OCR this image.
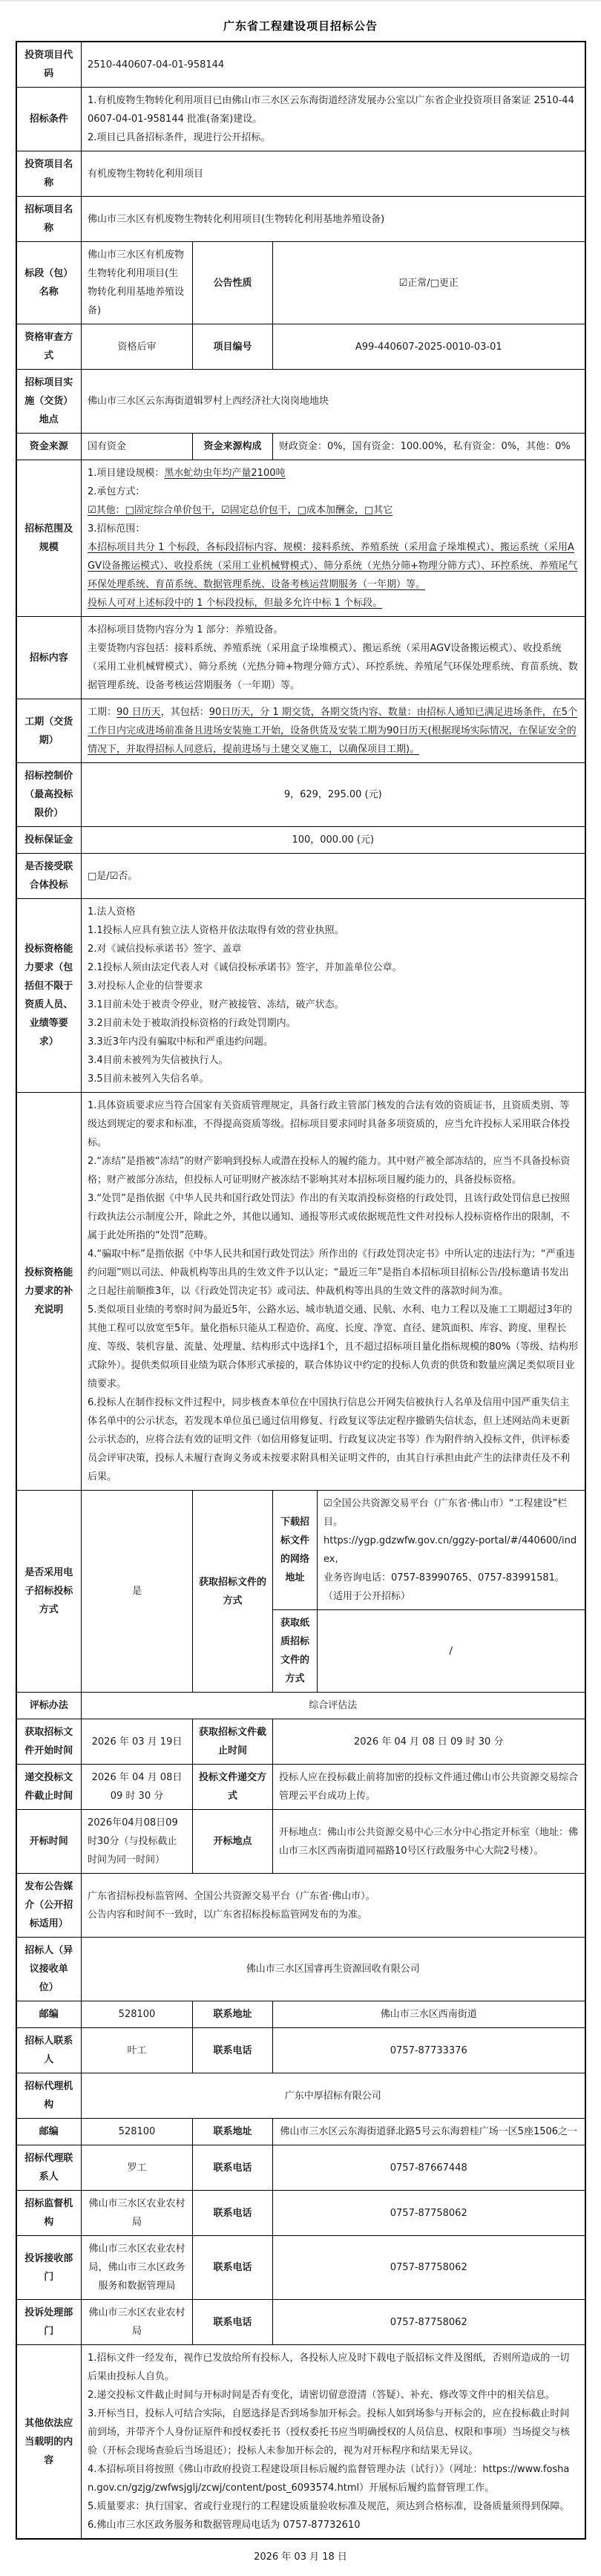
广东省工程建设项目招标公告
投资项目代码	2510-440607-04-01-958144			

招标条件	1.有机废物生物转化利用项目已由佛山市三水区云东海街道经济发展办公室以广东省企业投资项目备案证 2510-440607-04-01-958144 批准(备案)建设。
2.项目已具备招标条件，现进行公开招标。			

投资项目名称	有机废物生物转化利用项目			

招标项目名称	佛山市三水区有机废物生物转化利用项目(生物转化利用基地养殖设备)			

标段（包）名称	佛山市三水区有机废物生物转化利用项目(生物转化利用基地养殖设备)	公告性质	☑正常/□更正	

资格审查方式	资格后审	项目编号	A99-440607-2025-0010-03-01	

招标项目实施（交货）地点	佛山市三水区云东海街道辑罗村上西经济社大岗岗地地块			

资金来源	国有资金	资金来源构成	财政资金：0%，国有资金：100.00%，私有资金：0%，其他：0%	

招标范围及规模

1.项目建设规模：黑水虻幼虫年均产量2100吨
2.承包方式：
☑其他：□固定综合单价包干，☑固定总价包干，□成本加酬金，□其它
3.招标范围：
本招标项目共分 1 个标段，各标段招标内容、规模：接料系统、养殖系统（采用盒子垛堆模式）、搬运系统（采用AGV设备搬运模式）、收投系统（采用工业机械臂模式）、筛分系统（光热分筛+物理分筛方式）、环控系统、养殖尾气环保处理系统、育苗系统、数据管理系统、设备考核运营期服务（一年期）等。
投标人可对上述标段中的 1 个标段投标，但最多允许中标 1 个标段。

招标内容	本招标项目货物内容分为 1 部分：养殖设备。
主要货物内容包括：接料系统、养殖系统（采用盒子垛堆模式）、搬运系统（采用AGV设备搬运模式）、收投系统（采用工业机械臂模式）、筛分系统（光热分筛+物理分筛方式）、环控系统、养殖尾气环保处理系统、育苗系统、数据管理系统、设备考核运营期服务（一年期）等。			

工期（交货期）	工期：90 日历天，其包括：90日历天，分 1 期交货，各期交货内容、数量：由招标人通知已满足进场条件，在5个工作日内完成进场前准备且进场安装施工开始，设备供货及安装工期为90日历天(根据现场实际情况，在保证安全的情况下，并取得招标人同意后，提前进场与土建交叉施工，以确保项目工期)。			

招标控制价（最高投标限价）	9，629，295.00 (元)			

投标保证金	100，000.00 (元)			

是否接受联合体投标	□是/☑否。			

投标资格能力要求（包括但不限于资质人员、业绩等要求）

1.法人资格
1.1投标人应具有独立法人资格并依法取得有效的营业执照。
2.对《诚信投标承诺书》签字、盖章
2.1投标人须由法定代表人对《诚信投标承诺书》签字，并加盖单位公章。
3.对投标人企业的信誉要求
3.1目前未处于被责令停业，财产被接管、冻结，破产状态。
3.2目前未处于被取消投标资格的行政处罚期内。
3.3近3年内没有骗取中标和严重违约问题。
3.4目前未被列为失信被执行人。
3.5目前未被列入失信名单。

投标资格能力要求的补充说明

1.具体资质要求应当符合国家有关资质管理规定，具备行政主管部门核发的合法有效的资质证书，且资质类别、等级达到规定的要求和标准，不得提高资质等级。招标项目要求同时具备多项资质的，应当允许投标人采用联合体投标。
2.“冻结”是指被“冻结”的财产影响到投标人或潜在投标人的履约能力。其中财产被全部冻结的，应当不具备投标资格；财产被部分冻结，但投标人可证明财产被冻结不影响其对本招标项目履约能力的，具备投标资格。
3.“处罚”是指依据《中华人民共和国行政处罚法》作出的有关取消投标资格的行政处罚，且该行政处罚信息已按照行政执法公示制度公开，除此之外，其他以通知、通报等形式或依据规范性文件对投标人投标资格作出的限制，不属于此处所指的“处罚”范畴。
4.“骗取中标”是指依据《中华人民共和国行政处罚法》所作出的《行政处罚决定书》中所认定的违法行为；“严重违约问题”则以司法、仲裁机构等出具的生效文件予以认定；“最近三年”是指自本招标项目招标公告/投标邀请书发出之日起往前顺推3年，以《行政处罚决定书》或司法、仲裁机构等出具的生效文件的落款时间为准。
5.类似项目业绩的考察时间为最近5年，公路水运、城市轨道交通、民航、水利、电力工程以及施工工期超过3年的其他工程可以放宽至5年。量化指标只能从工程造价、高度、长度、净宽、直径、建筑面积、库容、跨度、里程长度、等级、装机容量、流量、处理量、结构形式中选择1个，且不超过招标项目量化指标规模的80%（等级、结构形式除外）。提供类似项目业绩为联合体形式承接的，联合体协议中约定的投标人负责的供货和数量应满足类似项目业绩要求。
6.投标人在制作投标文件过程中，同步核查本单位在中国执行信息公开网失信被执行人名单及信用中国严重失信主体名单中的公示状态，若发现本单位虽已通过信用修复、行政复议等法定程序撤销失信状态，但上述网站尚未更新公示状态的，应将合法有效的证明文件（如信用修复证明、行政复议决定书等）作为附件纳入投标文件，供评标委员会评审决策，投标人未履行查询义务或未按要求附具相关证明文件的，由其自行承担由此产生的法律责任及不利后果。

是否采用电子招标投标方式	是	获取招标文件的方式	下载招标文件的网络地址	☑全国公共资源交易平台（广东省·佛山市）“工程建设”栏目。
https://ygp.gdzwfw.gov.cn/ggzy-portal/#/440600/index,
业务咨询电话：0757-83990765、0757-83991581。（适用于公开招标）

			获取纸质招标文件的方式	/

评标办法	综合评估法			

获取招标文件开始时间	2026 年 03 月 19日	获取招标文件截止时间	2026 年 04 月 08 日 09 时 30 分	

递交投标文件截止时间	2026 年 04 月 08日 09 时 30 分	投标文件递交方式	投标人应在投标截止前将加密的投标文件通过佛山市公共资源交易综合管理云平台成功上传。	

开标时间	2026年04月08日09时30分（与投标截止时间为同一时间）	开标地点	开标地点：佛山市公共资源交易中心三水分中心指定开标室（地址：佛山市三水区西南街道同福路10号区行政服务中心大院2号楼）。	

发布公告媒介（公开招标适用）	广东省招标投标监管网、全国公共资源交易平台（广东省·佛山市）。
公告内容和时间不一致时，以广东省招标投标监管网发布的为准。			

招标人（异议接收单位）	佛山市三水区国睿再生资源回收有限公司			

邮编	528100	联系地址	佛山市三水区西南街道	

招标人联系人	叶工	联系电话	0757-87733376	

招标代理机构	广东中厚招标有限公司			

邮编	528100	联系地址	佛山市三水区云东海街道驿北路5号云东海碧桂广场一区5座1506之一	

招标代理联系人	罗工	联系电话	0757-87667448	

招标监督机构	佛山市三水区农业农村局	联系电话	0757-87758062	

投诉接收部门	佛山市三水区农业农村局，佛山市三水区政务服务和数据管理局	联系电话	0757-87758062	

投诉处理部门	佛山市三水区农业农村局	联系电话	0757-87758062	

其他依法应当载明的内容

1.招标文件一经发布，视作已发放给所有投标人，各投标人应及时下载电子版招标文件及图纸，否则所造成的一切后果由投标人自负。
2.递交投标文件截止时间与开标时间是否有变化，请密切留意澄清（答疑）、补充、修改等文件中的相关信息。
3.开标当日，投标人可结合实际，自愿选择是否到场参加开标会。投标人如到场参与开标会的，应在投标截止时间前到场，并带齐个人身份证原件和授权委托书（授权委托书应当明确授权的人员信息、权限和事项）当场提交与核验（开标会现场查验后当场退还）；投标人未参加开标会的，视为对开标程序和结果无异议。
4.本招标项目将按照《佛山市政府投资工程建设项目标后履约监督管理办法（试行）》（网址：https://www.foshan.gov.cn/gzjg/zwfwsjglj/zcwj/content/post_6093574.html）开展标后履约监督管理工作。
5.质量要求：执行国家、省或行业现行的工程建设质量验收标准及规范，须达到合格标准，设备质量须得到保障。
6.佛山市三水区政务服务和数据管理局电话为 0757-87732610
2026 年 03 月 18 日
